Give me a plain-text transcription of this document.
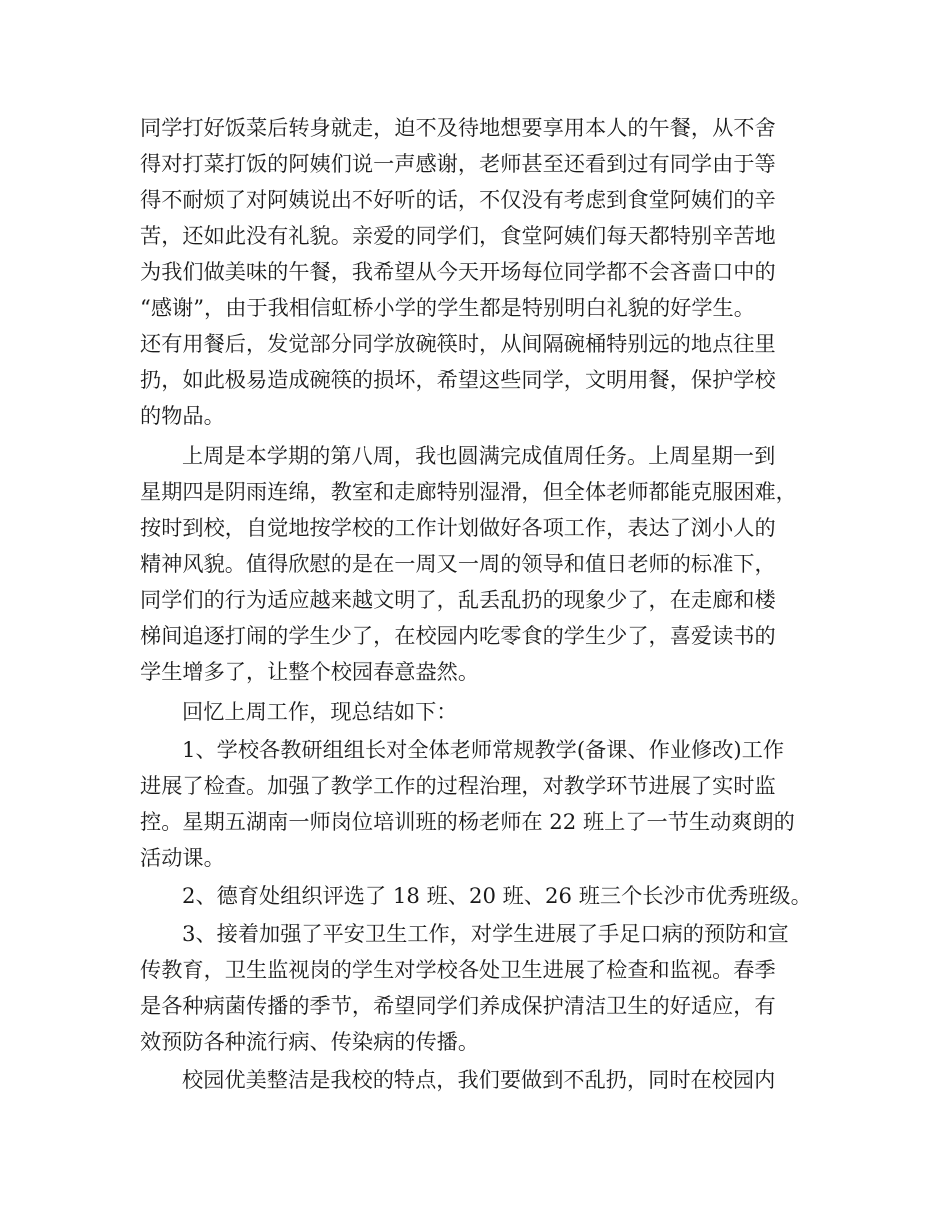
同学打好饭菜后转身就走，迫不及待地想要享用本人的午餐，从不舍
得对打菜打饭的阿姨们说一声感谢，老师甚至还看到过有同学由于等
得不耐烦了对阿姨说出不好听的话，不仅没有考虑到食堂阿姨们的辛
苦，还如此没有礼貌。亲爱的同学们，食堂阿姨们每天都特别辛苦地
为我们做美味的午餐，我希望从今天开场每位同学都不会吝啬口中的
“感谢”，由于我相信虹桥小学的学生都是特别明白礼貌的好学生。
还有用餐后，发觉部分同学放碗筷时，从间隔碗桶特别远的地点往里
扔，如此极易造成碗筷的损坏，希望这些同学，文明用餐，保护学校
的物品。
上周是本学期的第八周，我也圆满完成值周任务。上周星期一到
星期四是阴雨连绵，教室和走廊特别湿滑，但全体老师都能克服困难，
按时到校，自觉地按学校的工作计划做好各项工作，表达了浏小人的
精神风貌。值得欣慰的是在一周又一周的领导和值日老师的标准下，
同学们的行为适应越来越文明了，乱丢乱扔的现象少了，在走廊和楼
梯间追逐打闹的学生少了，在校园内吃零食的学生少了，喜爱读书的
学生增多了，让整个校园春意盎然。
回忆上周工作，现总结如下：
1、学校各教研组组长对全体老师常规教学(备课、作业修改)工作
进展了检查。加强了教学工作的过程治理，对教学环节进展了实时监
控。星期五湖南一师岗位培训班的杨老师在 22 班上了一节生动爽朗的
活动课。
2、德育处组织评选了 18 班、20 班、26 班三个长沙市优秀班级。
3、接着加强了平安卫生工作，对学生进展了手足口病的预防和宣
传教育，卫生监视岗的学生对学校各处卫生进展了检查和监视。春季
是各种病菌传播的季节，希望同学们养成保护清洁卫生的好适应，有
效预防各种流行病、传染病的传播。
校园优美整洁是我校的特点，我们要做到不乱扔，同时在校园内
